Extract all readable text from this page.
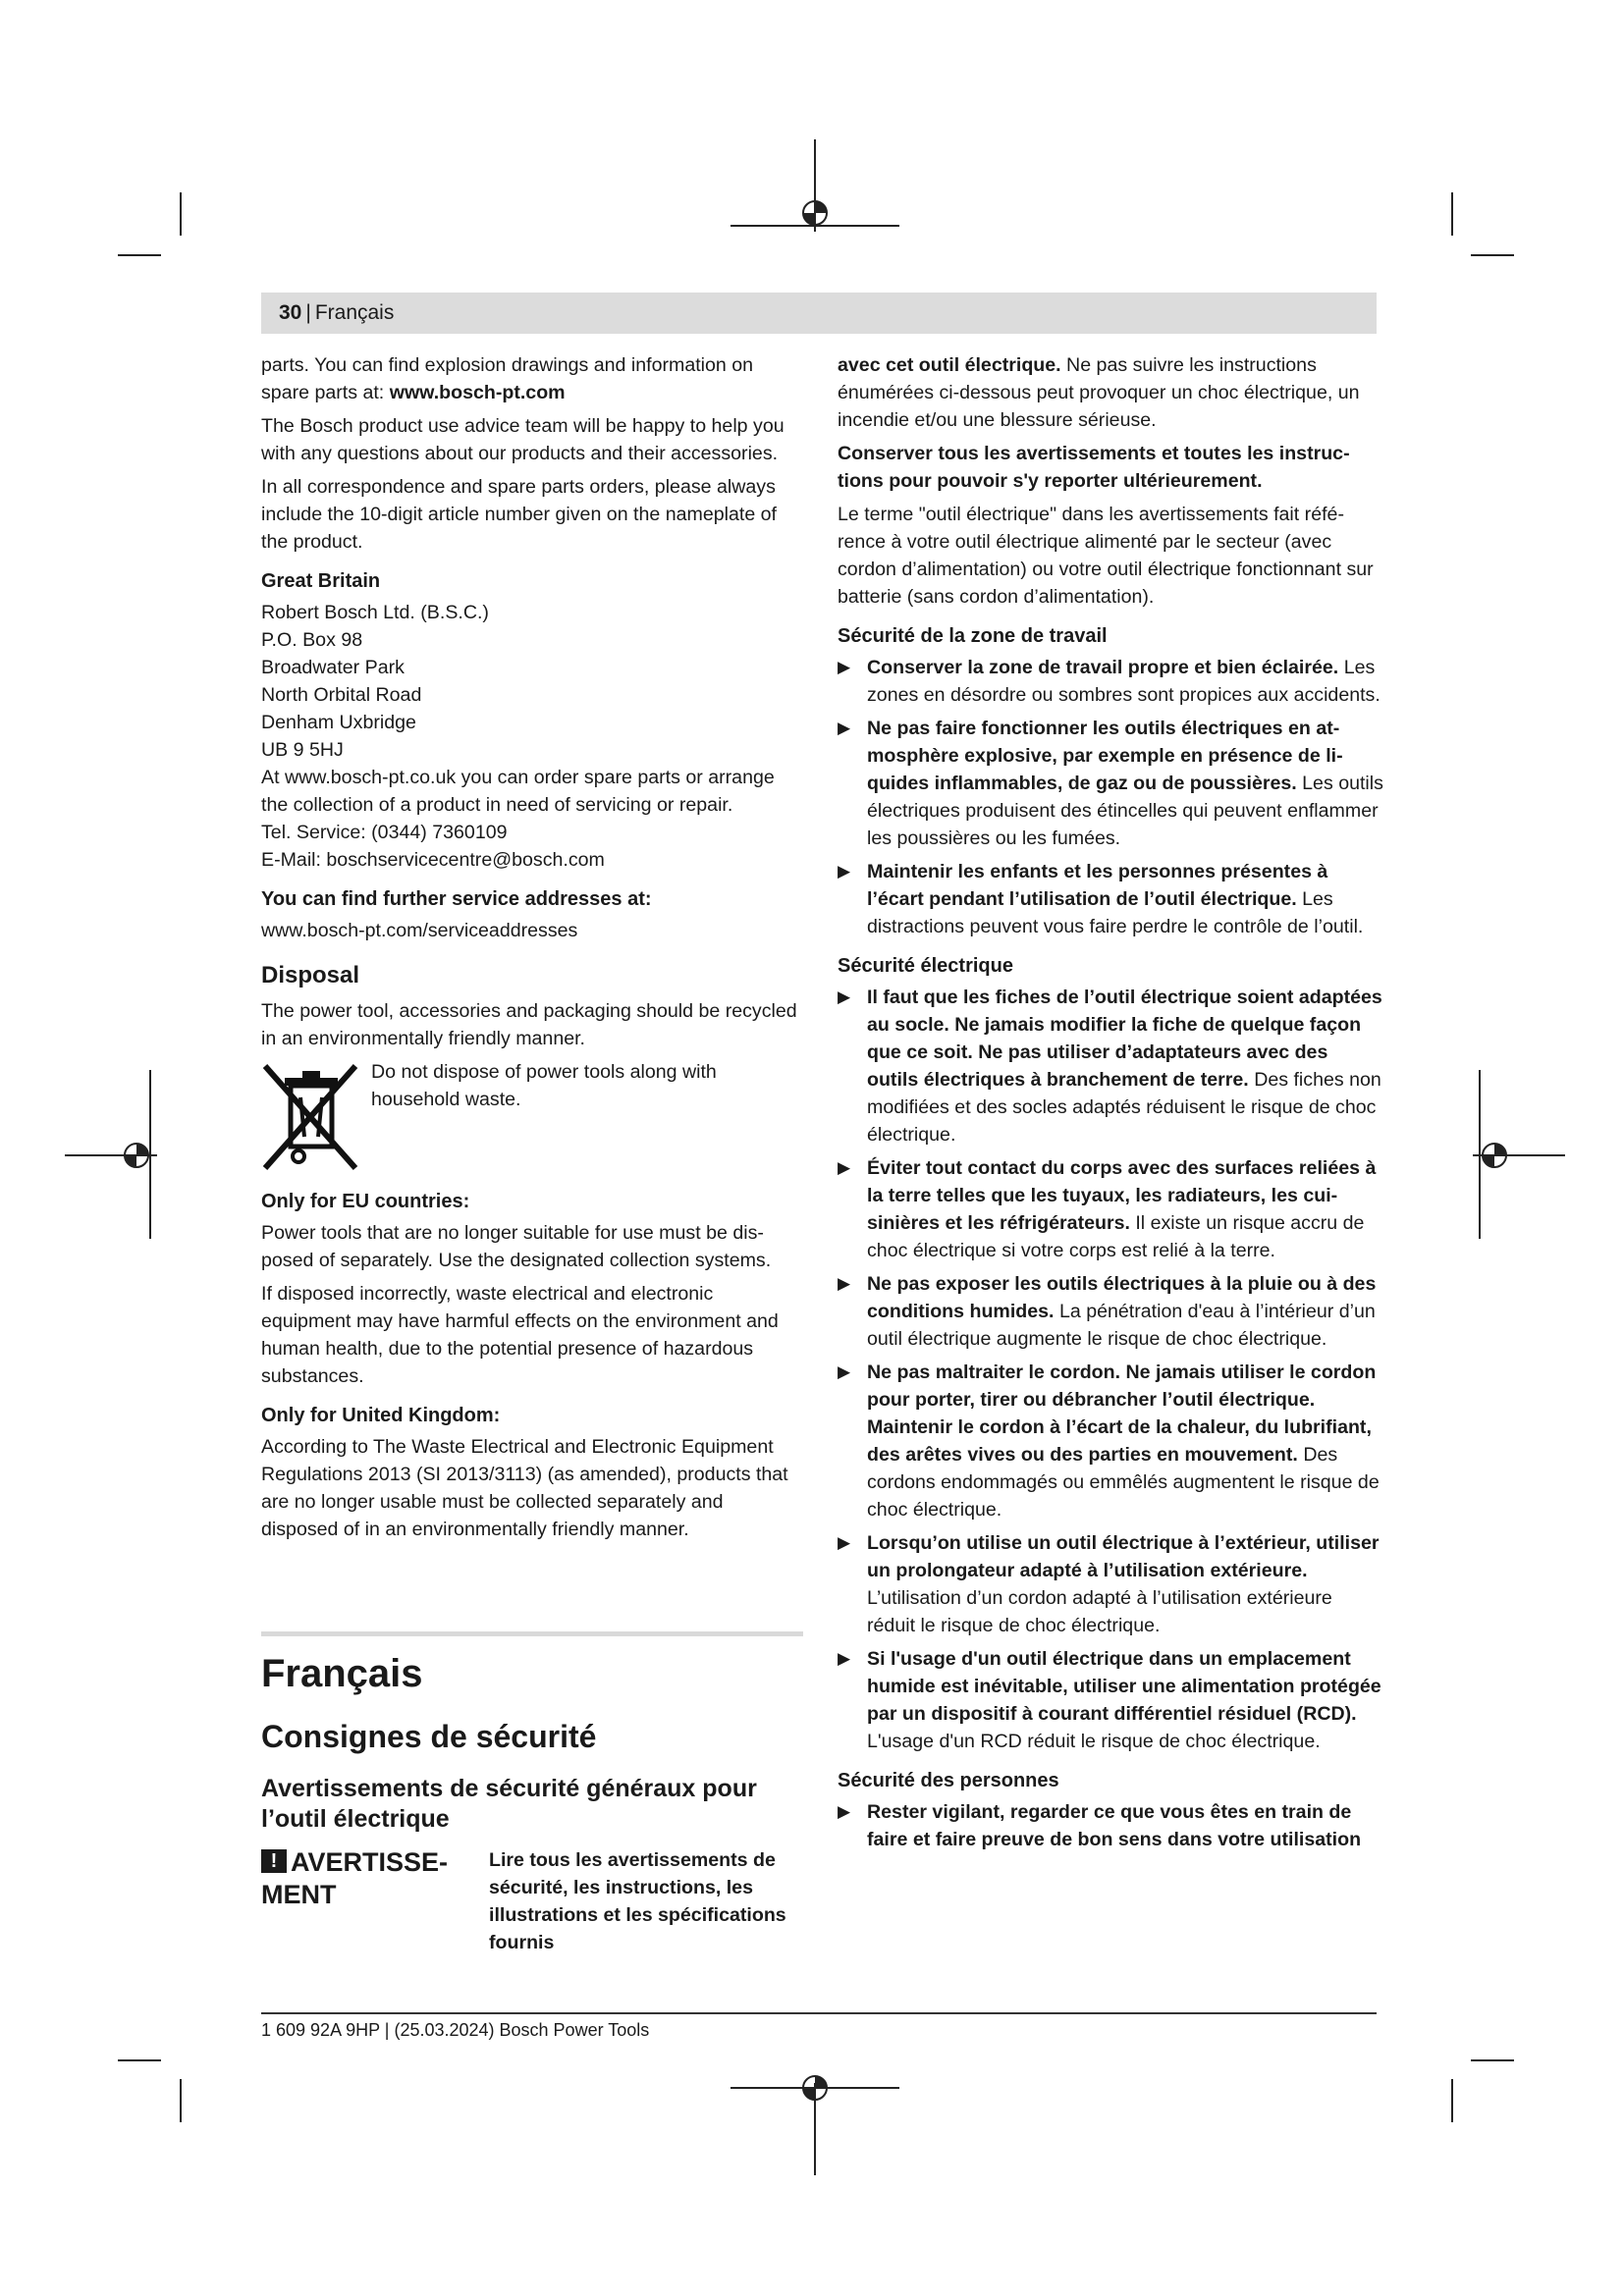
30 | Français

parts. You can find explosion drawings and information on spare parts at: www.bosch-pt.com

The Bosch product use advice team will be happy to help you with any questions about our products and their accessories.

In all correspondence and spare parts orders, please always include the 10‑digit article number given on the nameplate of the product.

Great Britain

Robert Bosch Ltd. (B.S.C.)

P.O. Box 98

Broadwater Park

North Orbital Road

Denham Uxbridge

UB 9 5HJ

At www.bosch-pt.co.uk you can order spare parts or arrange the collection of a product in need of servicing or repair.

Tel. Service: (0344) 7360109

E-Mail: boschservicecentre@bosch.com

You can find further service addresses at:

www.bosch-pt.com/serviceaddresses

Disposal

The power tool, accessories and packaging should be recycled in an environmentally friendly manner.

Do not dispose of power tools along with household waste.
Only for EU countries:

Power tools that are no longer suitable for use must be disposed of separately. Use the designated collection systems.

If disposed incorrectly, waste electrical and electronic equipment may have harmful effects on the environment and human health, due to the potential presence of hazardous substances.

Only for United Kingdom:

According to The Waste Electrical and Electronic Equipment Regulations 2013 (SI 2013/3113) (as amended), products that are no longer usable must be collected separately and disposed of in an environmentally friendly manner.

Français
Consignes de sécurité
Avertissements de sécurité généraux pour l’outil électrique
!AVERTISSEMENT
Lire tous les avertissements de sécurité, les instructions, les illustrations et les spécifications fournis

avec cet outil électrique. Ne pas suivre les instructions énumérées ci-dessous peut provoquer un choc électrique, un incendie et/ou une blessure sérieuse.

Conserver tous les avertissements et toutes les instructions pour pouvoir s'y reporter ultérieurement.

Le terme "outil électrique" dans les avertissements fait référence à votre outil électrique alimenté par le secteur (avec cordon d’alimentation) ou votre outil électrique fonctionnant sur batterie (sans cordon d’alimentation).

Sécurité de la zone de travail
▶ Conserver la zone de travail propre et bien éclairée. Les zones en désordre ou sombres sont propices aux accidents.
▶ Ne pas faire fonctionner les outils électriques en atmosphère explosive, par exemple en présence de liquides inflammables, de gaz ou de poussières. Les outils électriques produisent des étincelles qui peuvent enflammer les poussières ou les fumées.
▶ Maintenir les enfants et les personnes présentes à l’écart pendant l’utilisation de l’outil électrique. Les distractions peuvent vous faire perdre le contrôle de l’outil.
Sécurité électrique
▶ Il faut que les fiches de l’outil électrique soient adaptées au socle. Ne jamais modifier la fiche de quelque façon que ce soit. Ne pas utiliser d’adaptateurs avec des outils électriques à branchement de terre. Des fiches non modifiées et des socles adaptés réduisent le risque de choc électrique.
▶ Éviter tout contact du corps avec des surfaces reliées à la terre telles que les tuyaux, les radiateurs, les cuisinières et les réfrigérateurs. Il existe un risque accru de choc électrique si votre corps est relié à la terre.
▶ Ne pas exposer les outils électriques à la pluie ou à des conditions humides. La pénétration d'eau à l’intérieur d’un outil électrique augmente le risque de choc électrique.
▶ Ne pas maltraiter le cordon. Ne jamais utiliser le cordon pour porter, tirer ou débrancher l’outil électrique. Maintenir le cordon à l’écart de la chaleur, du lubrifiant, des arêtes vives ou des parties en mouvement. Des cordons endommagés ou emmêlés augmentent le risque de choc électrique.
▶ Lorsqu’on utilise un outil électrique à l’extérieur, utiliser un prolongateur adapté à l’utilisation extérieure. L’utilisation d’un cordon adapté à l’utilisation extérieure réduit le risque de choc électrique.
▶ Si l'usage d'un outil électrique dans un emplacement humide est inévitable, utiliser une alimentation protégée par un dispositif à courant différentiel résiduel (RCD). L'usage d'un RCD réduit le risque de choc électrique.
Sécurité des personnes
▶ Rester vigilant, regarder ce que vous êtes en train de faire et faire preuve de bon sens dans votre utilisation
1 609 92A 9HP | (25.03.2024) Bosch Power Tools
